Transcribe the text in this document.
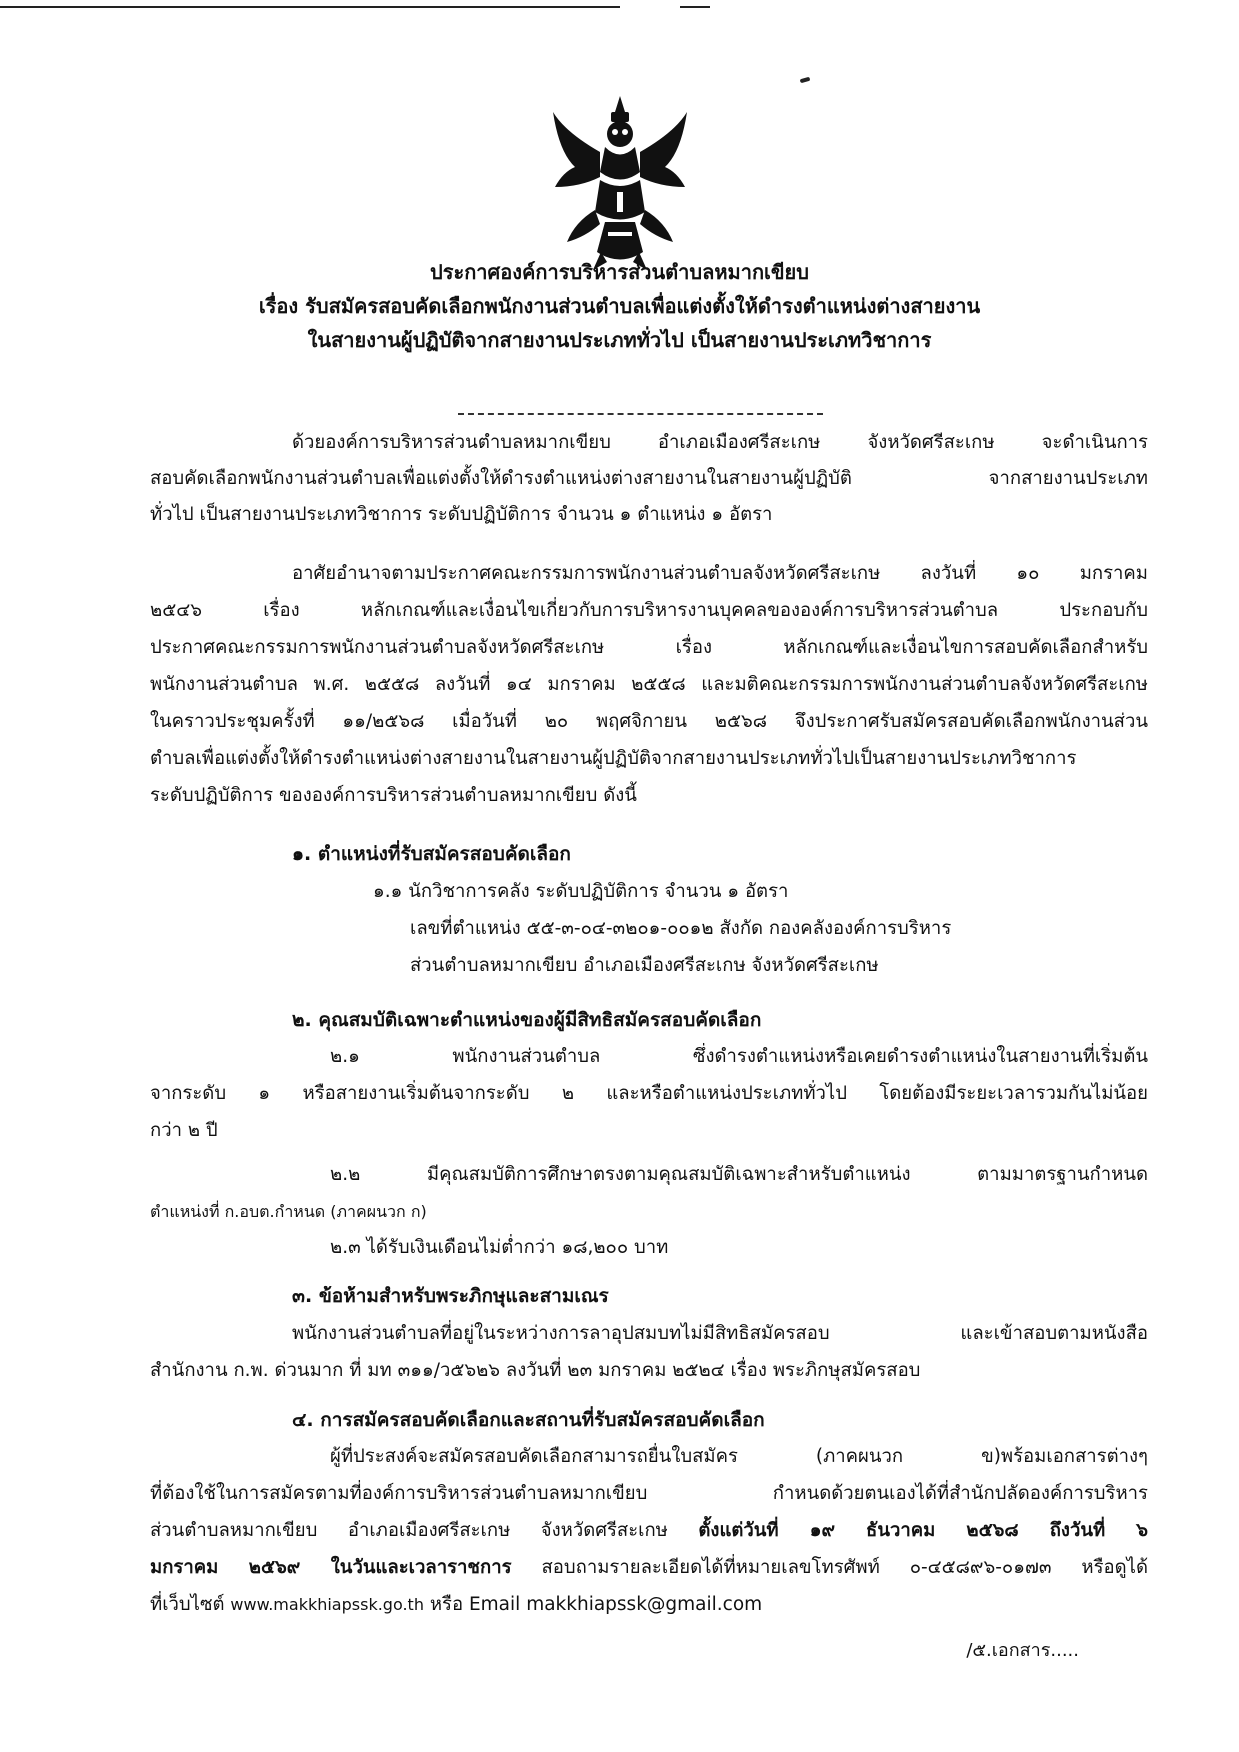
ประกาศองค์การบริหารส่วนตำบลหมากเขียบ
เรื่อง รับสมัครสอบคัดเลือกพนักงานส่วนตำบลเพื่อแต่งตั้งให้ดำรงตำแหน่งต่างสายงาน
ในสายงานผู้ปฏิบัติจากสายงานประเภททั่วไป เป็นสายงานประเภทวิชาการ
ด้วยองค์การบริหารส่วนตำบลหมากเขียบ อำเภอเมืองศรีสะเกษ จังหวัดศรีสะเกษ จะดำเนินการ
สอบคัดเลือกพนักงานส่วนตำบลเพื่อแต่งตั้งให้ดำรงตำแหน่งต่างสายงานในสายงานผู้ปฏิบัติ จากสายงานประเภท
ทั่วไป เป็นสายงานประเภทวิชาการ ระดับปฏิบัติการ จำนวน ๑ ตำแหน่ง ๑ อัตรา
อาศัยอำนาจตามประกาศคณะกรรมการพนักงานส่วนตำบลจังหวัดศรีสะเกษ ลงวันที่ ๑๐ มกราคม
๒๕๔๖ เรื่อง หลักเกณฑ์และเงื่อนไขเกี่ยวกับการบริหารงานบุคคลขององค์การบริหารส่วนตำบล ประกอบกับ
ประกาศคณะกรรมการพนักงานส่วนตำบลจังหวัดศรีสะเกษ เรื่อง หลักเกณฑ์และเงื่อนไขการสอบคัดเลือกสำหรับ
พนักงานส่วนตำบล พ.ศ. ๒๕๕๘ ลงวันที่ ๑๔ มกราคม ๒๕๕๘ และมติคณะกรรมการพนักงานส่วนตำบลจังหวัดศรีสะเกษ
ในคราวประชุมครั้งที่ ๑๑/๒๕๖๘ เมื่อวันที่ ๒๐ พฤศจิกายน ๒๕๖๘ จึงประกาศรับสมัครสอบคัดเลือกพนักงานส่วน
ตำบลเพื่อแต่งตั้งให้ดำรงตำแหน่งต่างสายงานในสายงานผู้ปฏิบัติจากสายงานประเภททั่วไปเป็นสายงานประเภทวิชาการ
ระดับปฏิบัติการ ขององค์การบริหารส่วนตำบลหมากเขียบ ดังนี้
๑. ตำแหน่งที่รับสมัครสอบคัดเลือก
๑.๑ นักวิชาการคลัง ระดับปฏิบัติการ จำนวน ๑ อัตรา
เลขที่ตำแหน่ง ๕๕-๓-๐๔-๓๒๐๑-๐๐๑๒ สังกัด กองคลังองค์การบริหาร
ส่วนตำบลหมากเขียบ อำเภอเมืองศรีสะเกษ จังหวัดศรีสะเกษ
๒. คุณสมบัติเฉพาะตำแหน่งของผู้มีสิทธิสมัครสอบคัดเลือก
๒.๑ พนักงานส่วนตำบล ซึ่งดำรงตำแหน่งหรือเคยดำรงตำแหน่งในสายงานที่เริ่มต้น
จากระดับ ๑ หรือสายงานเริ่มต้นจากระดับ ๒ และหรือตำแหน่งประเภททั่วไป โดยต้องมีระยะเวลารวมกันไม่น้อย
กว่า ๒ ปี
๒.๒ มีคุณสมบัติการศึกษาตรงตามคุณสมบัติเฉพาะสำหรับตำแหน่ง ตามมาตรฐานกำหนด
ตำแหน่งที่ ก.อบต.กำหนด (ภาคผนวก ก)
๒.๓ ได้รับเงินเดือนไม่ต่ำกว่า ๑๘,๒๐๐ บาท
๓. ข้อห้ามสำหรับพระภิกษุและสามเณร
พนักงานส่วนตำบลที่อยู่ในระหว่างการลาอุปสมบทไม่มีสิทธิสมัครสอบ และเข้าสอบตามหนังสือ
สำนักงาน ก.พ. ด่วนมาก ที่ มท ๓๑๑/ว๕๖๒๖ ลงวันที่ ๒๓ มกราคม ๒๕๒๔ เรื่อง พระภิกษุสมัครสอบ
๔. การสมัครสอบคัดเลือกและสถานที่รับสมัครสอบคัดเลือก
ผู้ที่ประสงค์จะสมัครสอบคัดเลือกสามารถยื่นใบสมัคร (ภาคผนวก ข)พร้อมเอกสารต่างๆ
ที่ต้องใช้ในการสมัครตามที่องค์การบริหารส่วนตำบลหมากเขียบ กำหนดด้วยตนเองได้ที่สำนักปลัดองค์การบริหาร
ส่วนตำบลหมากเขียบ อำเภอเมืองศรีสะเกษ จังหวัดศรีสะเกษ ตั้งแต่วันที่ ๑๙ ธันวาคม ๒๕๖๘ ถึงวันที่ ๖
มกราคม ๒๕๖๙ ในวันและเวลาราชการ สอบถามรายละเอียดได้ที่หมายเลขโทรศัพท์ ๐-๔๕๘๙๖-๐๑๗๓ หรือดูได้
ที่เว็บไซต์ www.makkhiapssk.go.th หรือ Email makkhiapssk@gmail.com
/๕.เอกสาร.....
